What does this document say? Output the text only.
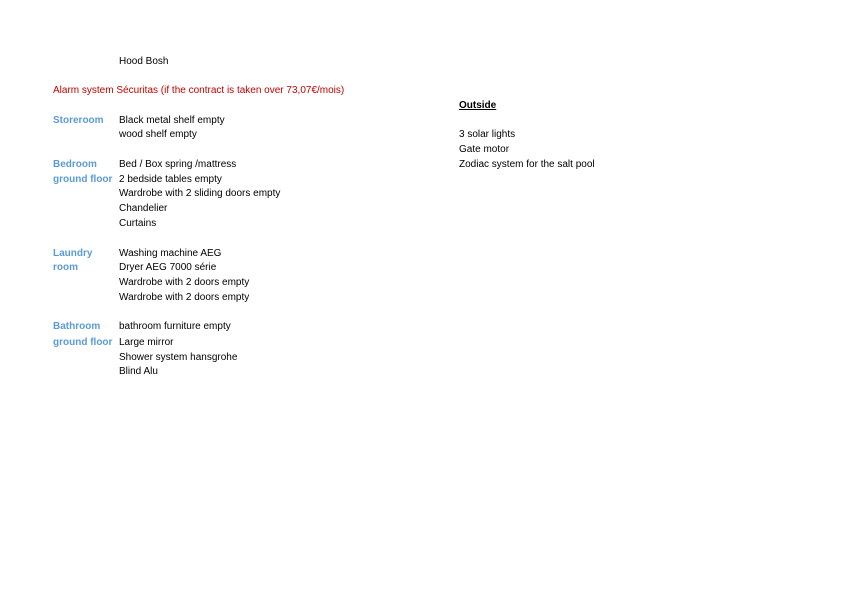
Hood Bosh
Alarm system Sécuritas (if the contract is taken over 73,07€/mois)
Storeroom Black metal shelf empty
wood shelf empty
Bedroom
ground floor
Bed / Box spring /mattress
2 bedside tables empty
Wardrobe with 2 sliding doors empty
Chandelier
Curtains
Laundry
room
Washing machine AEG
Dryer AEG 7000 série
Wardrobe with 2 doors empty
Wardrobe with 2 doors empty
Bathroom
ground floor
bathroom furniture empty
Large mirror
Shower system hansgrohe
Blind Alu
Outside
3 solar lights
Gate motor
Zodiac system for the salt pool
